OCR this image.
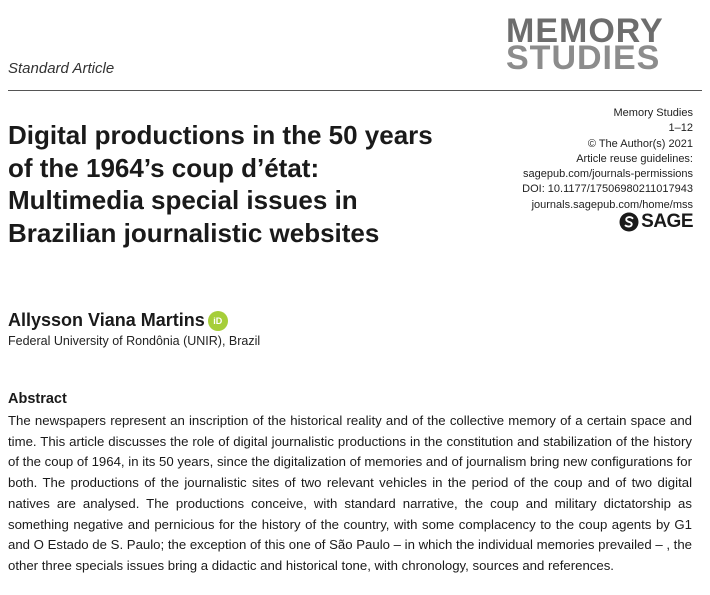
Standard Article
MEMORY
STUDIES
Digital productions in the 50 years of the 1964’s coup d’état: Multimedia special issues in Brazilian journalistic websites
Memory Studies
1–12
© The Author(s) 2021
Article reuse guidelines:
sagepub.com/journals-permissions
DOI: 10.1177/17506980211017943
journals.sagepub.com/home/mss
SAGE
Allysson Viana Martins iD
Federal University of Rondônia (UNIR), Brazil
Abstract

The newspapers represent an inscription of the historical reality and of the collective memory of a certain space and time. This article discusses the role of digital journalistic productions in the constitution and stabilization of the history of the coup of 1964, in its 50 years, since the digitalization of memories and of journalism bring new configurations for both. The productions of the journalistic sites of two relevant vehicles in the period of the coup and of two digital natives are analysed. The productions conceive, with standard narrative, the coup and military dictatorship as something negative and pernicious for the history of the country, with some complacency to the coup agents by G1 and O Estado de S. Paulo; the exception of this one of São Paulo – in which the individual memories prevailed – , the other three specials issues bring a didactic and historical tone, with chronology, sources and references.
